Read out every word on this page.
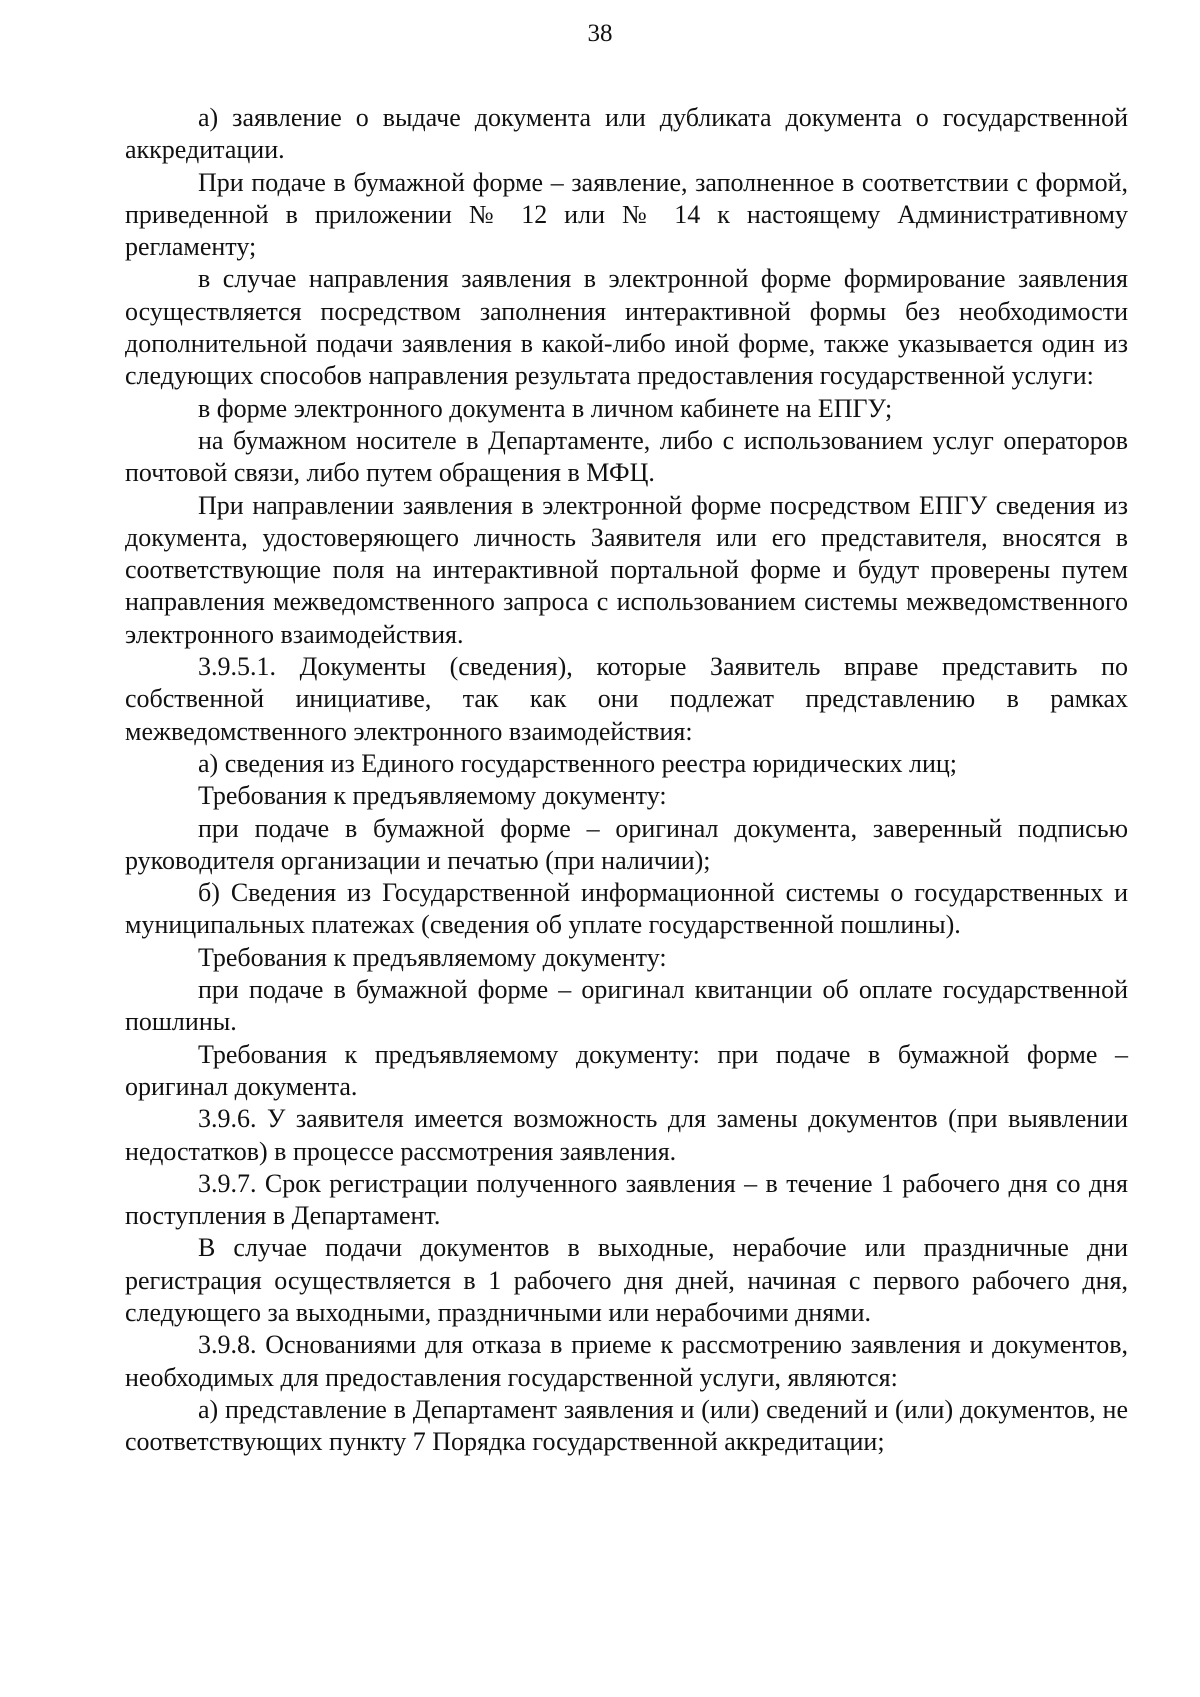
38

а) заявление о выдаче документа или дубликата документа о государственной аккредитации.

При подаче в бумажной форме – заявление, заполненное в соответствии с формой, приведенной в приложении № 12 или № 14 к настоящему Административному регламенту;

в случае направления заявления в электронной форме формирование заявления осуществляется посредством заполнения интерактивной формы без необходимости дополнительной подачи заявления в какой-либо иной форме, также указывается один из следующих способов направления результата предоставления государственной услуги:

в форме электронного документа в личном кабинете на ЕПГУ;

на бумажном носителе в Департаменте, либо с использованием услуг операторов почтовой связи, либо путем обращения в МФЦ.

При направлении заявления в электронной форме посредством ЕПГУ сведения из документа, удостоверяющего личность Заявителя или его представителя, вносятся в соответствующие поля на интерактивной портальной форме и будут проверены путем направления межведомственного запроса с использованием системы межведомственного электронного взаимодействия.

3.9.5.1. Документы (сведения), которые Заявитель вправе представить по собственной инициативе, так как они подлежат представлению в рамках межведомственного электронного взаимодействия:

а) сведения из Единого государственного реестра юридических лиц;

Требования к предъявляемому документу:

при подаче в бумажной форме – оригинал документа, заверенный подписью руководителя организации и печатью (при наличии);

б) Сведения из Государственной информационной системы о государственных и муниципальных платежах (сведения об уплате государственной пошлины).

Требования к предъявляемому документу:

при подаче в бумажной форме – оригинал квитанции об оплате государственной пошлины.

Требования к предъявляемому документу: при подаче в бумажной форме – оригинал документа.

3.9.6. У заявителя имеется возможность для замены документов (при выявлении недостатков) в процессе рассмотрения заявления.

3.9.7. Срок регистрации полученного заявления – в течение 1 рабочего дня со дня поступления в Департамент.

В случае подачи документов в выходные, нерабочие или праздничные дни регистрация осуществляется в 1 рабочего дня дней, начиная с первого рабочего дня, следующего за выходными, праздничными или нерабочими днями.

3.9.8. Основаниями для отказа в приеме к рассмотрению заявления и документов, необходимых для предоставления государственной услуги, являются:

а) представление в Департамент заявления и (или) сведений и (или) документов, не соответствующих пункту 7 Порядка государственной аккредитации;
